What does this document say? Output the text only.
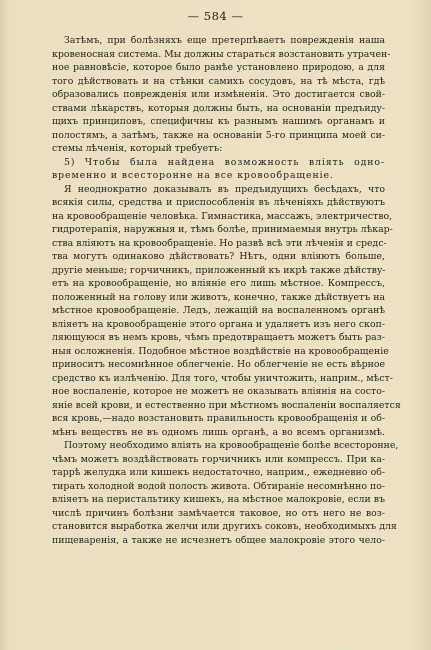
— 584 —
Затѣмъ, при болѣзняхъ еще претерпѣваетъ поврежденія наша
кровеносная система. Мы должны стараться возстановить утрачен-
ное равновѣсіе, которое было ранѣе установлено природою, а для
того дѣйствовать и на стѣнки самихъ сосудовъ, на тѣ мѣста, гдѣ
образовались поврежденія или измѣненія. Это достигается свой-
ствами лѣкарствъ, которыя должны быть, на основаніи предъиду-
щихъ принциповъ, специфичны къ разнымъ нашимъ органамъ и
полостямъ, а затѣмъ, также на основаніи 5-го принципа моей си-
стемы лѣченія, который требуетъ:
5) Чтобы была найдена возможность вліять одно-
временно и всесторонне на все кровообращеніе.
Я неоднократно доказывалъ въ предъидущихъ бесѣдахъ, что
всякія силы, средства и приспособленія въ лѣченіяхъ дѣйствуютъ
на кровообращеніе человѣка. Гимнастика, массажъ, электричество,
гидротерапія, наружныя и, тѣмъ болѣе, принимаемыя внутрь лѣкар-
ства вліяютъ на кровообращеніе. Но развѣ всѣ эти лѣченія и средс-
тва могутъ одинаково дѣйствовать? Нѣтъ, одни вліяютъ больше,
другіе меньше; горчичникъ, приложенный къ икрѣ также дѣйству-
етъ на кровообращеніе, но вліяніе его лишь мѣстное. Компрессъ,
положенный на голову или животъ, конечно, также дѣйствуетъ на
мѣстное кровообращеніе. Ледъ, лежащій на воспаленномъ органѣ
вліяетъ на кровообращеніе этого органа и удаляетъ изъ него скоп-
ляющуюся въ немъ кровь, чѣмъ предотвращаетъ можетъ быть раз-
ныя осложненія. Подобное мѣстное воздѣйствіе на кровообращеніе
приноситъ несомнѣнное облегченіе. Но облегченіе не есть вѣрное
средство къ излѣченію. Для того, чтобы уничтожить, наприм., мѣст-
ное воспаленіе, которое не можетъ не оказывать вліянія на состо-
яніе всей крови, и естественно при мѣстномъ воспаленіи воспаляется
вся кровь,—надо возстановить правильность кровообращенія и об-
мѣнъ веществъ не въ одномъ лишь органѣ, а во всемъ организмѣ.
Поэтому необходимо вліять на кровообращеніе болѣе всесторонне,
чѣмъ можетъ воздѣйствовать горчичникъ или компрессъ. При ка-
таррѣ желудка или кишекъ недостаточно, наприм., ежедневно об-
тирать холодной водой полость живота. Обтираніе несомнѣнно по-
вліяетъ на перистальтику кишекъ, на мѣстное малокровіе, если въ
числѣ причинъ болѣзни замѣчается таковое, но отъ него не воз-
становится выработка желчи или другихъ соковъ, необходимыхъ для
пищеваренія, а также не исчезнетъ общее малокровіе этого чело-
